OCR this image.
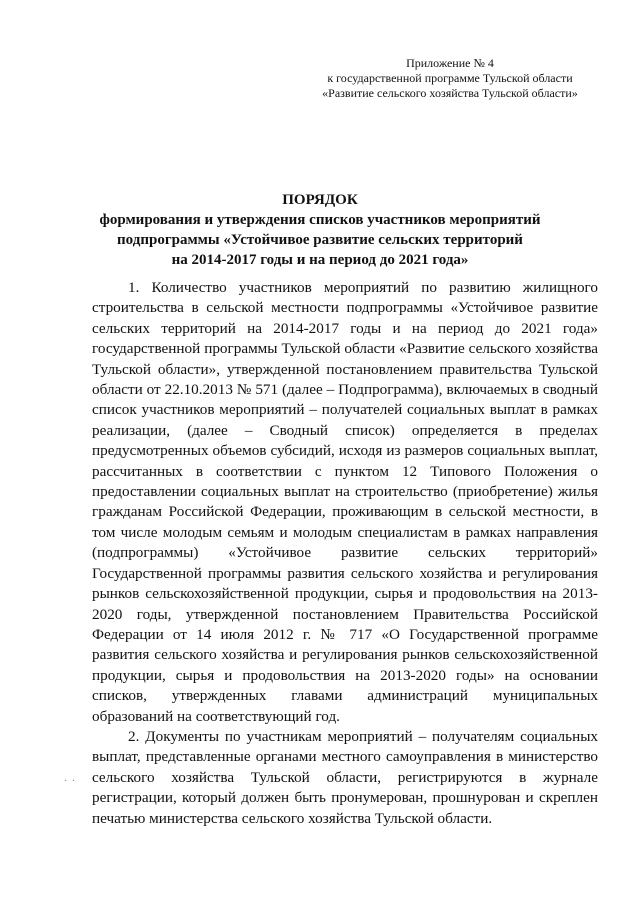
Приложение № 4
к государственной программе Тульской области
«Развитие сельского хозяйства Тульской области»
ПОРЯДОК
формирования и утверждения списков участников мероприятий
подпрограммы «Устойчивое развитие сельских территорий
на 2014-2017 годы и на период до 2021 года»

1. Количество участников мероприятий по развитию жилищного строительства в сельской местности подпрограммы «Устойчивое развитие сельских территорий на 2014-2017 годы и на период до 2021 года» государственной программы Тульской области «Развитие сельского хозяйства Тульской области», утвержденной постановлением правительства Тульской области от 22.10.2013 № 571 (далее – Подпрограмма), включаемых в сводный список участников мероприятий – получателей социальных выплат в рамках реализации, (далее – Сводный список) определяется в пределах предусмотренных объемов субсидий, исходя из размеров социальных выплат, рассчитанных в соответствии с пунктом 12 Типового Положения о предоставлении социальных выплат на строительство (приобретение) жилья гражданам Российской Федерации, проживающим в сельской местности, в том числе молодым семьям и молодым специалистам в рамках направления (подпрограммы) «Устойчивое развитие сельских территорий» Государственной программы развития сельского хозяйства и регулирования рынков сельскохозяйственной продукции, сырья и продовольствия на 2013-2020 годы, утвержденной постановлением Правительства Российской Федерации от 14 июля 2012 г. № 717 «О Государственной программе развития сельского хозяйства и регулирования рынков сельскохозяйственной продукции, сырья и продовольствия на 2013-2020 годы» на основании списков, утвержденных главами администраций муниципальных образований на соответствующий год.

2. Документы по участникам мероприятий – получателям социальных выплат, представленные органами местного самоуправления в министерство сельского хозяйства Тульской области, регистрируются в журнале регистрации, который должен быть пронумерован, прошнурован и скреплен печатью министерства сельского хозяйства Тульской области.

· ·
